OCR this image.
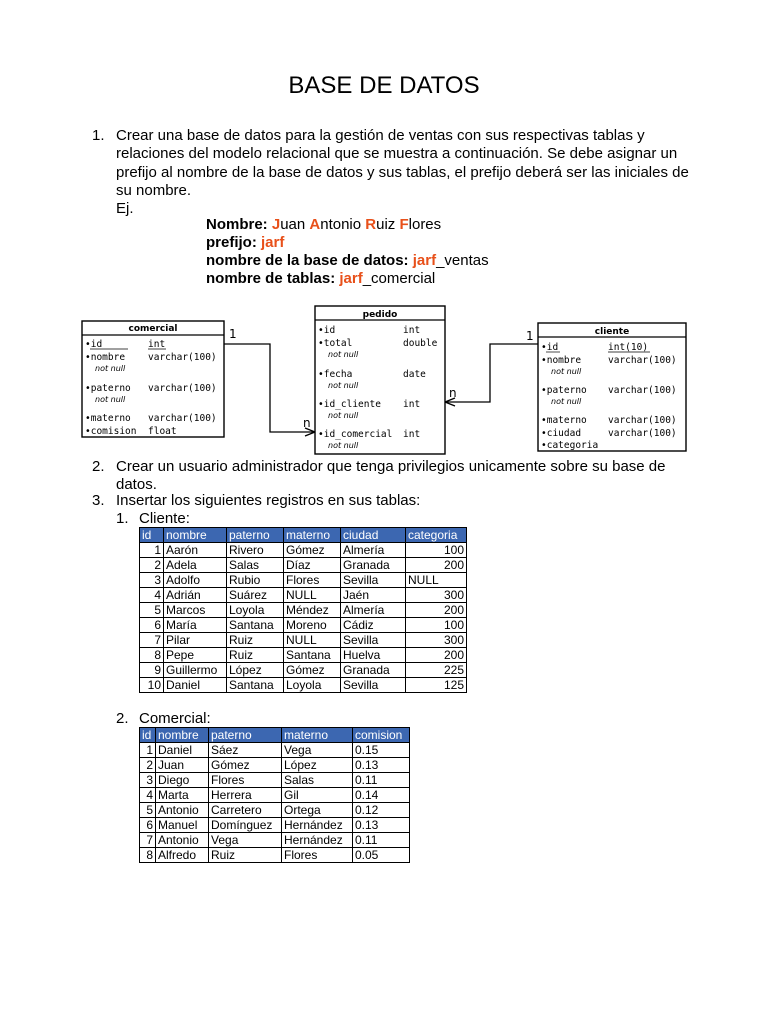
BASE DE DATOS
1. Crear una base de datos para la gestión de ventas con sus respectivas tablas y relaciones del modelo relacional que se muestra a continuación. Se debe asignar un prefijo al nombre de la base de datos y sus tablas, el prefijo deberá ser las iniciales de su nombre.
Ej.
Nombre: Juan Antonio Ruiz Flores
prefijo: jarf
nombre de la base de datos: jarf_ventas
nombre de tablas: jarf_comercial
comercial
•id	int
•nombre varchar(100)
not null
•paterno varchar(100)
not null
•materno varchar(100)
•comision float
pedido
•id	int
•total	double
not null
•fecha	date
not null
•id_cliente int
not null
•id_comercial int
not null
cliente
•id	int(10)
•nombre	varchar(100)
not null
•paterno varchar(100)
not null
•materno varchar(100)
•ciudad	varchar(100)
•categoria
1
n
1
n
2. Crear un usuario administrador que tenga privilegios unicamente sobre su base de datos.
3. Insertar los siguientes registros en sus tablas:
1. Cliente:
id	nombre	paterno	materno	ciudad	categoria
1	Aarón	Rivero	Gómez	Almería	100
2	Adela	Salas	Díaz	Granada	200
3	Adolfo	Rubio	Flores	Sevilla	NULL
4	Adrián	Suárez	NULL	Jaén	300
5	Marcos	Loyola	Méndez	Almería	200
6	María	Santana	Moreno	Cádiz	100
7	Pilar	Ruiz	NULL	Sevilla	300
8	Pepe	Ruiz	Santana	Huelva	200
9	Guillermo	López	Gómez	Granada	225
10	Daniel	Santana	Loyola	Sevilla	125
2. Comercial:
id	nombre	paterno	materno	comision
1	Daniel	Sáez	Vega	0.15
2	Juan	Gómez	López	0.13
3	Diego	Flores	Salas	0.11
4	Marta	Herrera	Gil	0.14
5	Antonio	Carretero	Ortega	0.12
6	Manuel	Domínguez	Hernández	0.13
7	Antonio	Vega	Hernández	0.11
8	Alfredo	Ruiz	Flores	0.05
